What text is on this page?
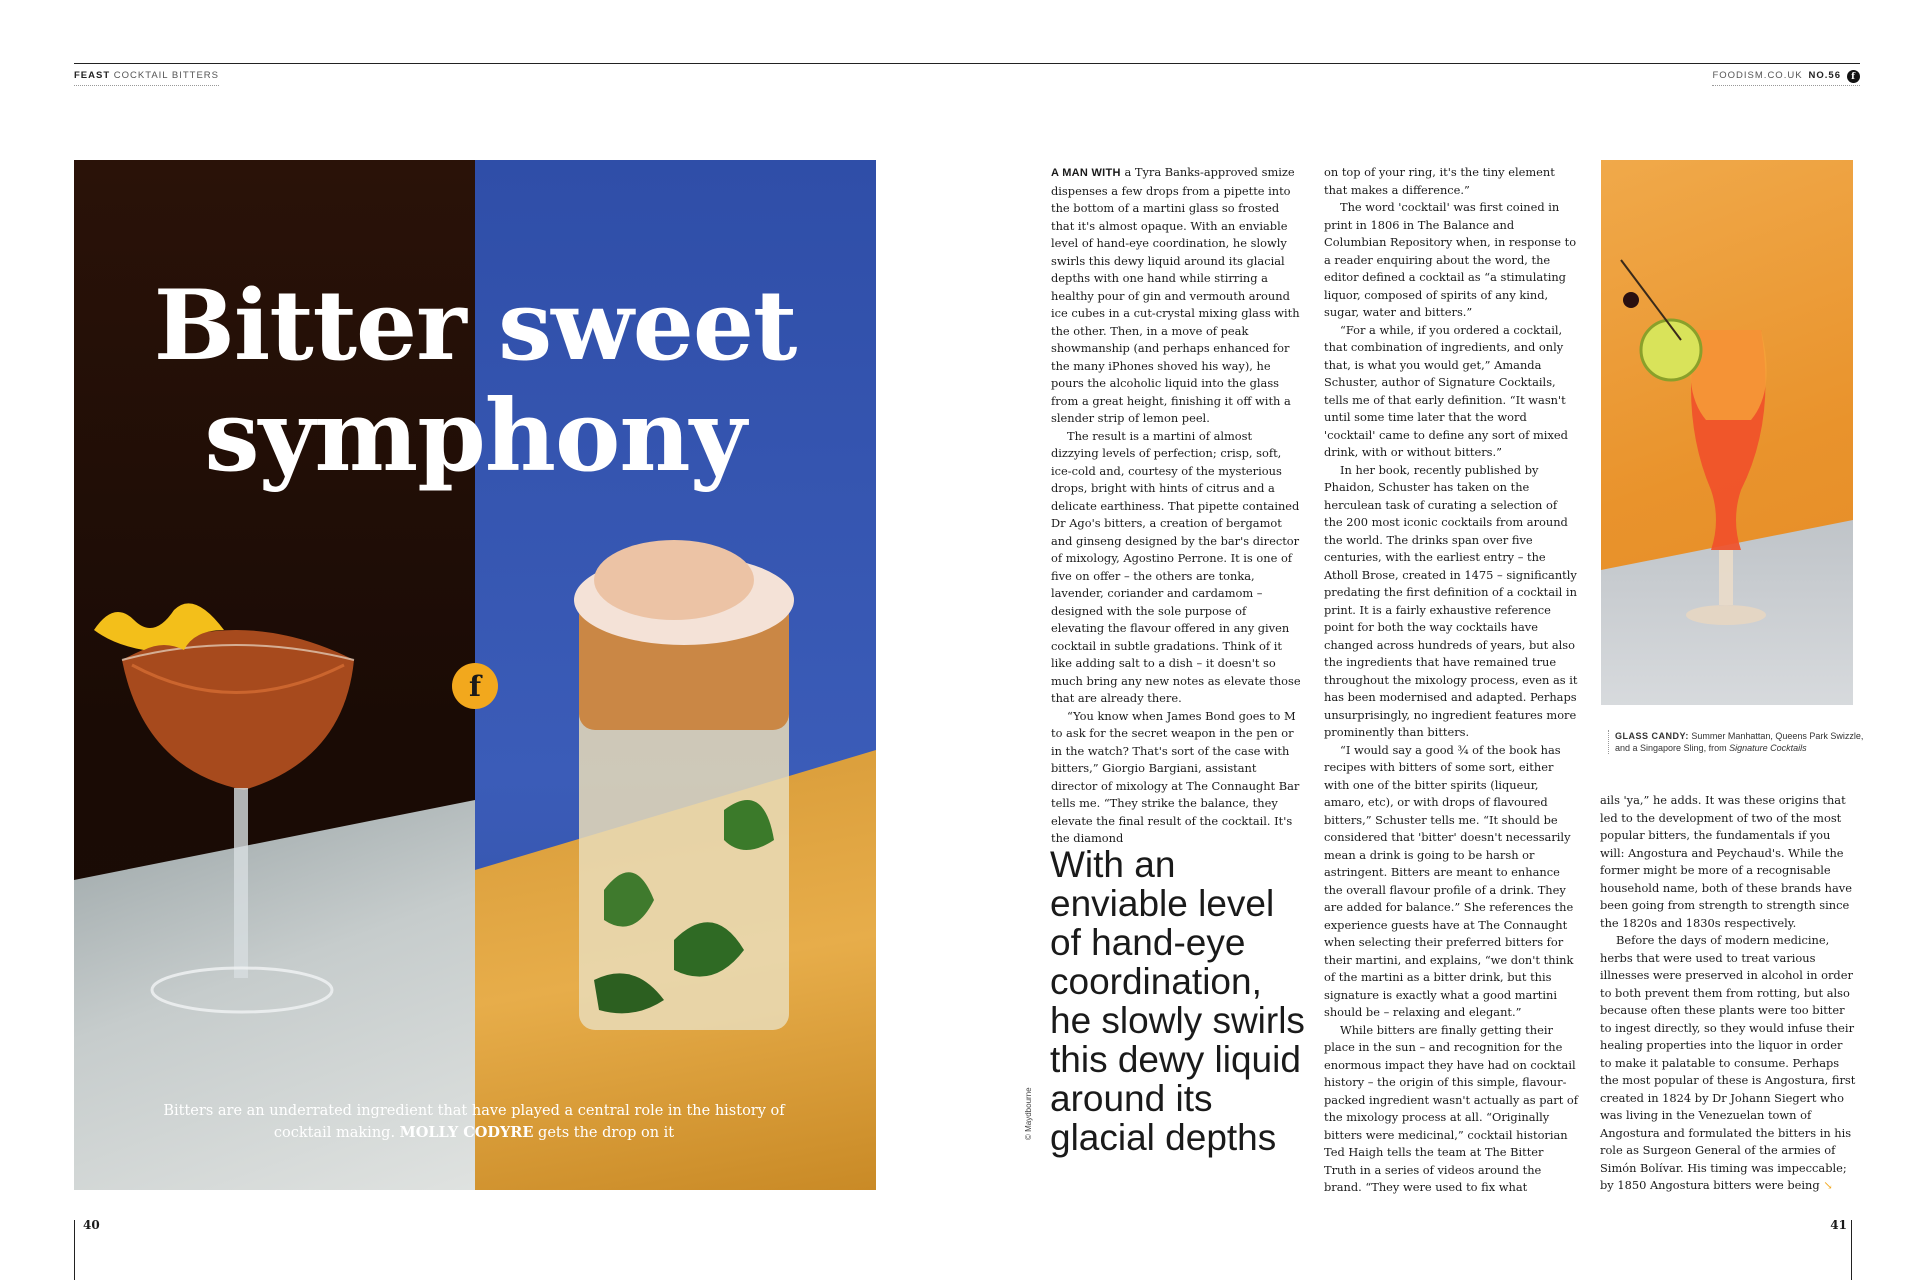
FEAST COCKTAIL BITTERS	FOODISM.CO.UK NO.56	f
Bitter sweet
symphony
f
Bitters are an underrated ingredient that have played a central role in the history of cocktail making. MOLLY CODYRE gets the drop on it

A MAN WITH a Tyra Banks-approved smize dispenses a few drops from a pipette into the bottom of a martini glass so frosted that it's almost opaque. With an enviable level of hand-eye coordination, he slowly swirls this dewy liquid around its glacial depths with one hand while stirring a healthy pour of gin and vermouth around ice cubes in a cut-crystal mixing glass with the other. Then, in a move of peak showmanship (and perhaps enhanced for the many iPhones shoved his way), he pours the alcoholic liquid into the glass from a great height, finishing it off with a slender strip of lemon peel.

The result is a martini of almost dizzying levels of perfection; crisp, soft, ice-cold and, courtesy of the mysterious drops, bright with hints of citrus and a delicate earthiness. That pipette contained Dr Ago's bitters, a creation of bergamot and ginseng designed by the bar's director of mixology, Agostino Perrone. It is one of five on offer – the others are tonka, lavender, coriander and cardamom – designed with the sole purpose of elevating the flavour offered in any given cocktail in subtle gradations. Think of it like adding salt to a dish – it doesn't so much bring any new notes as elevate those that are already there.

“You know when James Bond goes to M to ask for the secret weapon in the pen or in the watch? That's sort of the case with bitters,” Giorgio Bargiani, assistant director of mixology at The Connaught Bar tells me. “They strike the balance, they elevate the final result of the cocktail. It's the diamond

on top of your ring, it's the tiny element that makes a difference.”

The word 'cocktail' was first coined in print in 1806 in The Balance and Columbian Repository when, in response to a reader enquiring about the word, the editor defined a cocktail as “a stimulating liquor, composed of spirits of any kind, sugar, water and bitters.”

“For a while, if you ordered a cocktail, that combination of ingredients, and only that, is what you would get,” Amanda Schuster, author of Signature Cocktails, tells me of that early definition. “It wasn't until some time later that the word 'cocktail' came to define any sort of mixed drink, with or without bitters.”

In her book, recently published by Phaidon, Schuster has taken on the herculean task of curating a selection of the 200 most iconic cocktails from around the world. The drinks span over five centuries, with the earliest entry – the Atholl Brose, created in 1475 – significantly predating the first definition of a cocktail in print. It is a fairly exhaustive reference point for both the way cocktails have changed across hundreds of years, but also the ingredients that have remained true throughout the mixology process, even as it has been modernised and adapted. Perhaps unsurprisingly, no ingredient features more prominently than bitters.

“I would say a good ¾ of the book has recipes with bitters of some sort, either with one of the bitter spirits (liqueur, amaro, etc), or with drops of flavoured bitters,” Schuster tells me. “It should be considered that 'bitter' doesn't necessarily mean a drink is going to be harsh or astringent. Bitters are meant to enhance the overall flavour profile of a drink. They are added for balance.” She references the experience guests have at The Connaught when selecting their preferred bitters for their martini, and explains, “we don't think of the martini as a bitter drink, but this signature is exactly what a good martini should be – relaxing and elegant.”

While bitters are finally getting their place in the sun – and recognition for the enormous impact they have had on cocktail history – the origin of this simple, flavour-packed ingredient wasn't actually as part of the mixology process at all. “Originally bitters were medicinal,” cocktail historian Ted Haigh tells the team at The Bitter Truth in a series of videos around the brand. “They were used to fix what

With an enviable level of hand-eye coordination, he slowly swirls this dewy liquid around its glacial depths
© Maydbourne
GLASS CANDY: Summer Manhattan, Queens Park Swizzle, and a Singapore Sling, from Signature Cocktails

ails 'ya,” he adds. It was these origins that led to the development of two of the most popular bitters, the fundamentals if you will: Angostura and Peychaud's. While the former might be more of a recognisable household name, both of these brands have been going from strength to strength since the 1820s and 1830s respectively.

Before the days of modern medicine, herbs that were used to treat various illnesses were preserved in alcohol in order to both prevent them from rotting, but also because often these plants were too bitter to ingest directly, so they would infuse their healing properties into the liquor in order to make it palatable to consume. Perhaps the most popular of these is Angostura, first created in 1824 by Dr Johann Siegert who was living in the Venezuelan town of Angostura and formulated the bitters in his role as Surgeon General of the armies of Simón Bolívar. His timing was impeccable; by 1850 Angostura bitters were being ↘

40	41
